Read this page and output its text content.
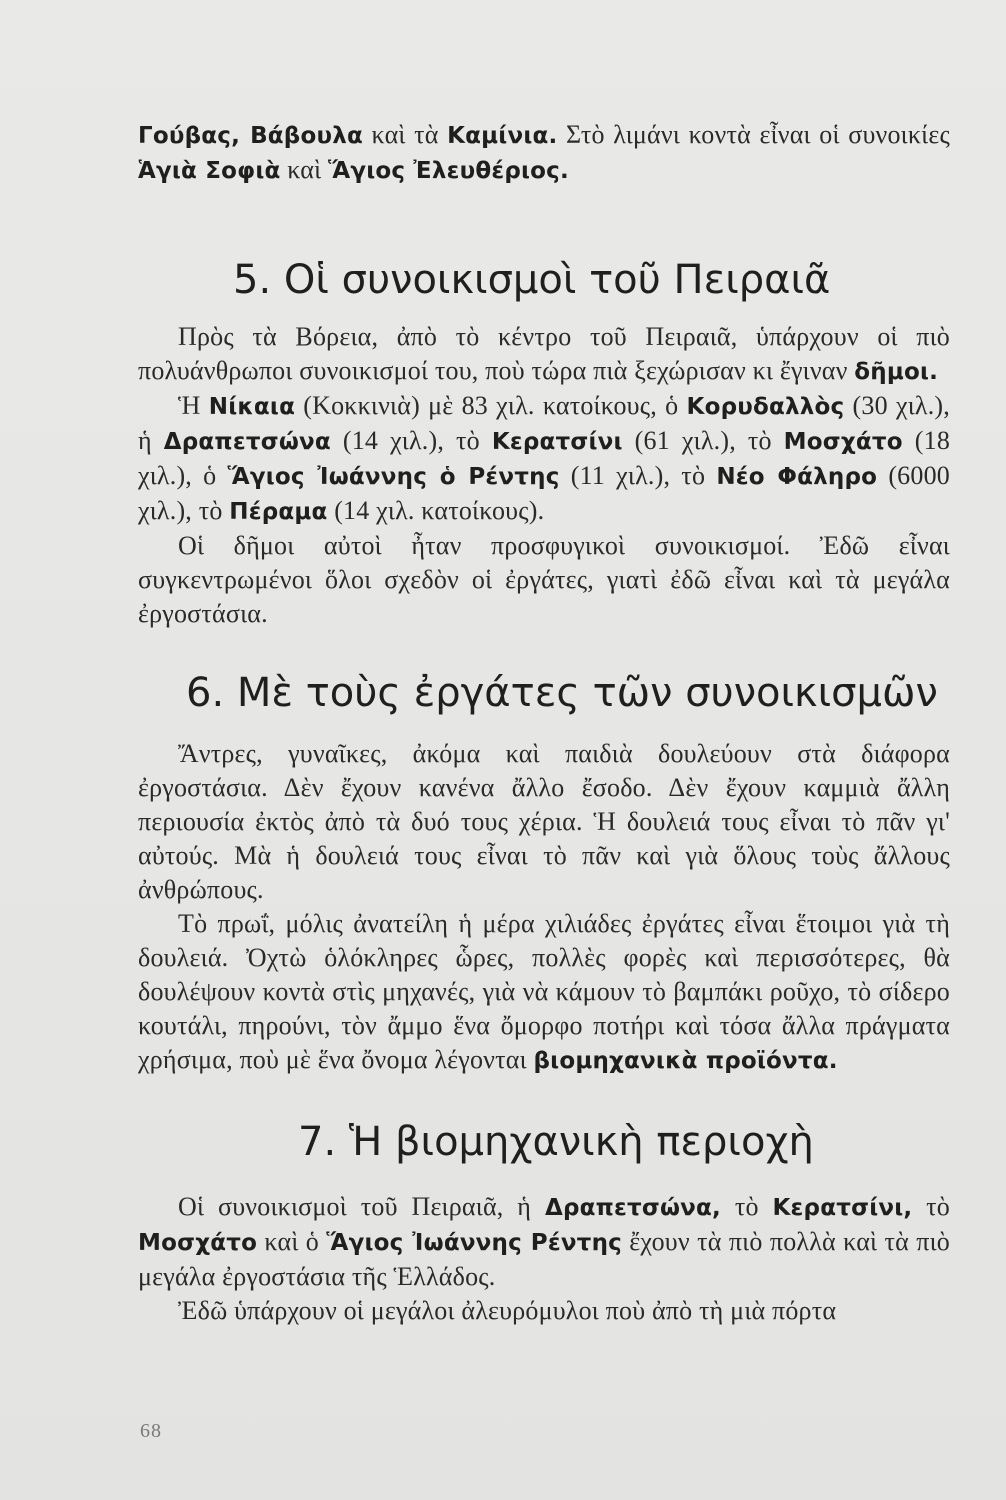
Γούβας, Βάβουλα καὶ τὰ Καμίνια. Στὸ λιμάνι κοντὰ εἶναι οἱ συνοικίες Ἁγιὰ Σοφιὰ καὶ Ἅγιος Ἐλευθέριος.

5. Οἱ συνοικισμοὶ τοῦ Πειραιᾶ

Πρὸς τὰ Βόρεια, ἀπὸ τὸ κέντρο τοῦ Πειραιᾶ, ὑπάρχουν οἱ πιὸ πολυάνθρωποι συνοικισμοί του, ποὺ τώρα πιὰ ξεχώρισαν κι ἔγιναν δῆμοι.

Ἡ Νίκαια (Κοκκινιὰ) μὲ 83 χιλ. κατοίκους, ὁ Κορυδαλλὸς (30 χιλ.), ἡ Δραπετσώνα (14 χιλ.), τὸ Κερατσίνι (61 χιλ.), τὸ Μοσχάτο (18 χιλ.), ὁ Ἅγιος Ἰωάννης ὁ Ρέντης (11 χιλ.), τὸ Νέο Φάληρο (6000 χιλ.), τὸ Πέραμα (14 χιλ. κατοίκους).

Οἱ δῆμοι αὐτοὶ ἦταν προσφυγικοὶ συνοικισμοί. Ἐδῶ εἶναι συγκεντρωμένοι ὅλοι σχεδὸν οἱ ἐργάτες, γιατὶ ἐδῶ εἶναι καὶ τὰ μεγάλα ἐργοστάσια.

6. Μὲ τοὺς ἐργάτες τῶν συνοικισμῶν

Ἄντρες, γυναῖκες, ἀκόμα καὶ παιδιὰ δουλεύουν στὰ διάφορα ἐργοστάσια. Δὲν ἔχουν κανένα ἄλλο ἔσοδο. Δὲν ἔχουν καμμιὰ ἄλλη περιουσία ἐκτὸς ἀπὸ τὰ δυό τους χέρια. Ἡ δουλειά τους εἶναι τὸ πᾶν γι' αὐτούς. Μὰ ἡ δουλειά τους εἶναι τὸ πᾶν καὶ γιὰ ὅλους τοὺς ἄλλους ἀνθρώπους.

Τὸ πρωΐ, μόλις ἀνατείλη ἡ μέρα χιλιάδες ἐργάτες εἶναι ἕτοιμοι γιὰ τὴ δουλειά. Ὀχτὼ ὁλόκληρες ὧρες, πολλὲς φορὲς καὶ περισσότερες, θὰ δουλέψουν κοντὰ στὶς μηχανές, γιὰ νὰ κάμουν τὸ βαμπάκι ροῦχο, τὸ σίδερο κουτάλι, πηρούνι, τὸν ἄμμο ἕνα ὄμορφο ποτήρι καὶ τόσα ἄλλα πράγματα χρήσιμα, ποὺ μὲ ἕνα ὄνομα λέγονται βιομηχανικὰ προϊόντα.

7. Ἡ βιομηχανικὴ περιοχὴ

Οἱ συνοικισμοὶ τοῦ Πειραιᾶ, ἡ Δραπετσώνα, τὸ Κερατσίνι, τὸ Μοσχάτο καὶ ὁ Ἅγιος Ἰωάννης Ρέντης ἔχουν τὰ πιὸ πολλὰ καὶ τὰ πιὸ μεγάλα ἐργοστάσια τῆς Ἑλλάδος.

Ἐδῶ ὑπάρχουν οἱ μεγάλοι ἀλευρόμυλοι ποὺ ἀπὸ τὴ μιὰ πόρτα

68
